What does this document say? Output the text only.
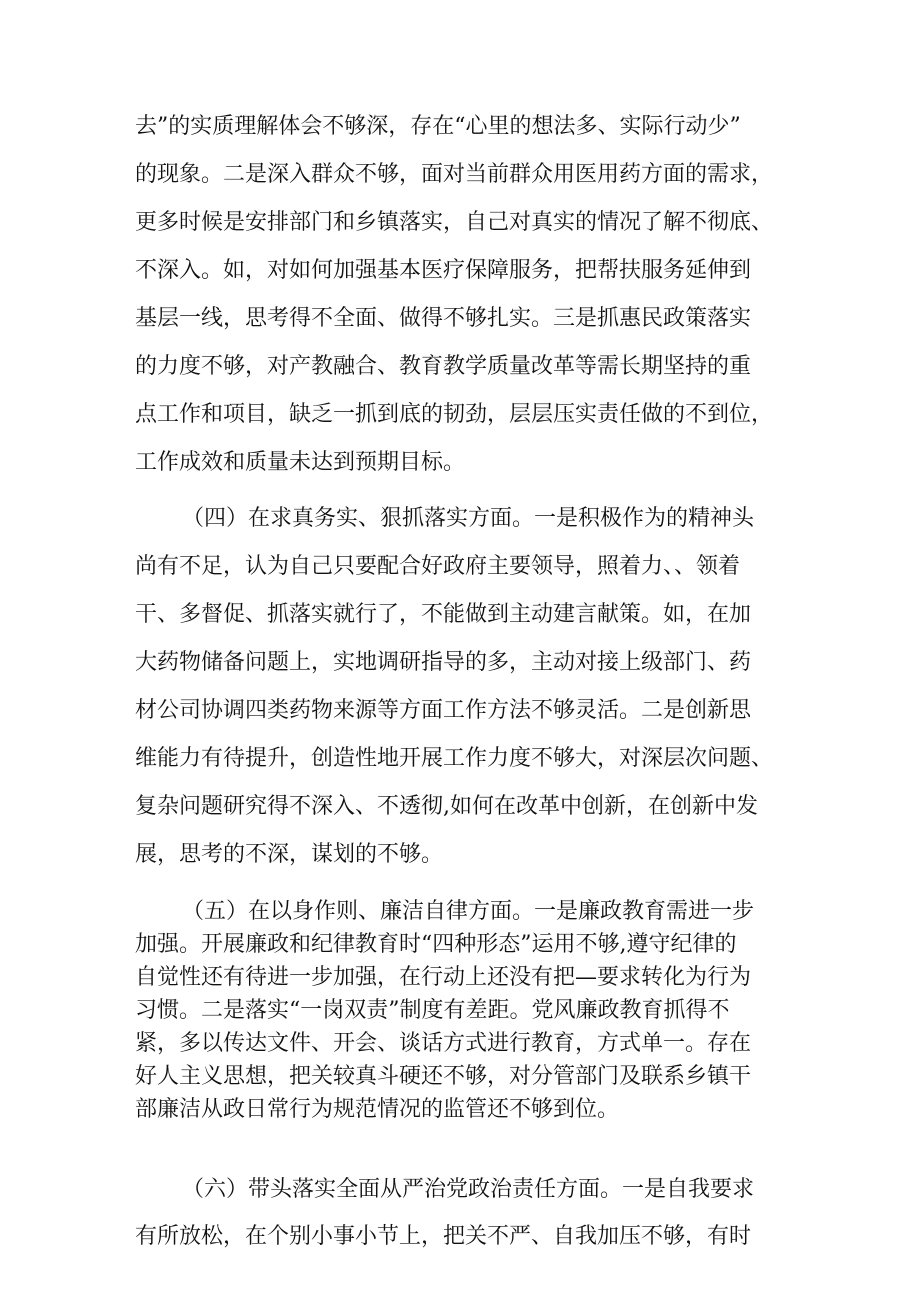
去”的实质理解体会不够深，存在“心里的想法多、实际行动少”
的现象。二是深入群众不够，面对当前群众用医用药方面的需求，
更多时候是安排部门和乡镇落实，自己对真实的情况了解不彻底、
不深入。如，对如何加强基本医疗保障服务，把帮扶服务延伸到
基层一线，思考得不全面、做得不够扎实。三是抓惠民政策落实
的力度不够，对产教融合、教育教学质量改革等需长期坚持的重
点工作和项目，缺乏一抓到底的韧劲，层层压实责任做的不到位，
工作成效和质量未达到预期目标。
（四）在求真务实、狠抓落实方面。一是积极作为的精神头
尚有不足，认为自己只要配合好政府主要领导，照着力、、领着
干、多督促、抓落实就行了，不能做到主动建言献策。如，在加
大药物储备问题上，实地调研指导的多，主动对接上级部门、药
材公司协调四类药物来源等方面工作方法不够灵活。二是创新思
维能力有待提升，创造性地开展工作力度不够大，对深层次问题、
复杂问题研究得不深入、不透彻,如何在改革中创新，在创新中发
展，思考的不深，谋划的不够。
（五）在以身作则、廉洁自律方面。一是廉政教育需进一步
加强。开展廉政和纪律教育时“四种形态”运用不够,遵守纪律的
自觉性还有待进一步加强，在行动上还没有把—要求转化为行为
习惯。二是落实“一岗双责”制度有差距。党风廉政教育抓得不
紧，多以传达文件、开会、谈话方式进行教育，方式单一。存在
好人主义思想，把关较真斗硬还不够，对分管部门及联系乡镇干
部廉洁从政日常行为规范情况的监管还不够到位。
（六）带头落实全面从严治党政治责任方面。一是自我要求
有所放松，在个别小事小节上，把关不严、自我加压不够，有时
